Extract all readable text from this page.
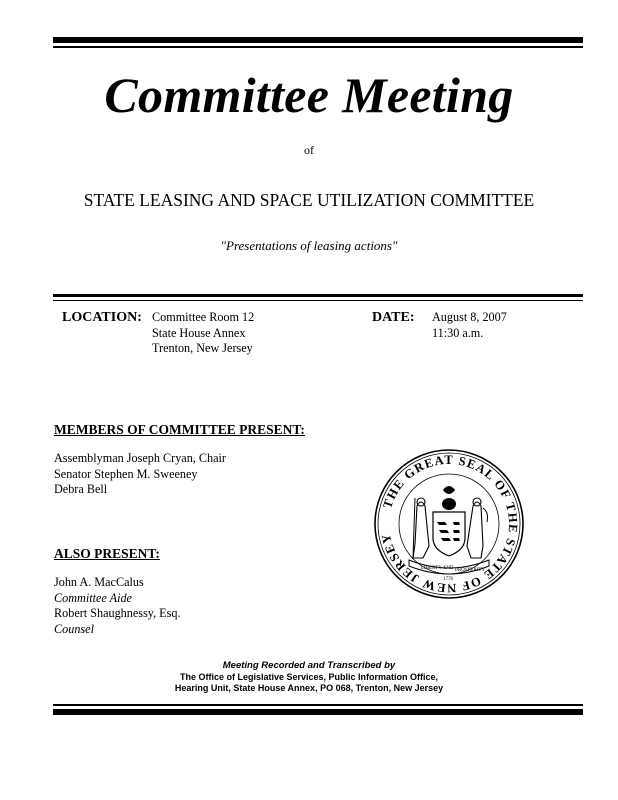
Committee Meeting
of
STATE LEASING AND SPACE UTILIZATION COMMITTEE
"Presentations of leasing actions"
LOCATION: Committee Room 12
State House Annex
Trenton, New Jersey
DATE: August 8, 2007
11:30 a.m.
MEMBERS OF COMMITTEE PRESENT:
Assemblyman Joseph Cryan, Chair
Senator Stephen M. Sweeney
Debra Bell
ALSO PRESENT:
John A. MacCalus
Committee Aide
Robert Shaughnessy, Esq.
Counsel
THE GREAT SEAL OF THE STATE OF NEW JERSEY
LIBERTY AND PROSPERITY
1776
Meeting Recorded and Transcribed by
The Office of Legislative Services, Public Information Office,
Hearing Unit, State House Annex, PO 068, Trenton, New Jersey
